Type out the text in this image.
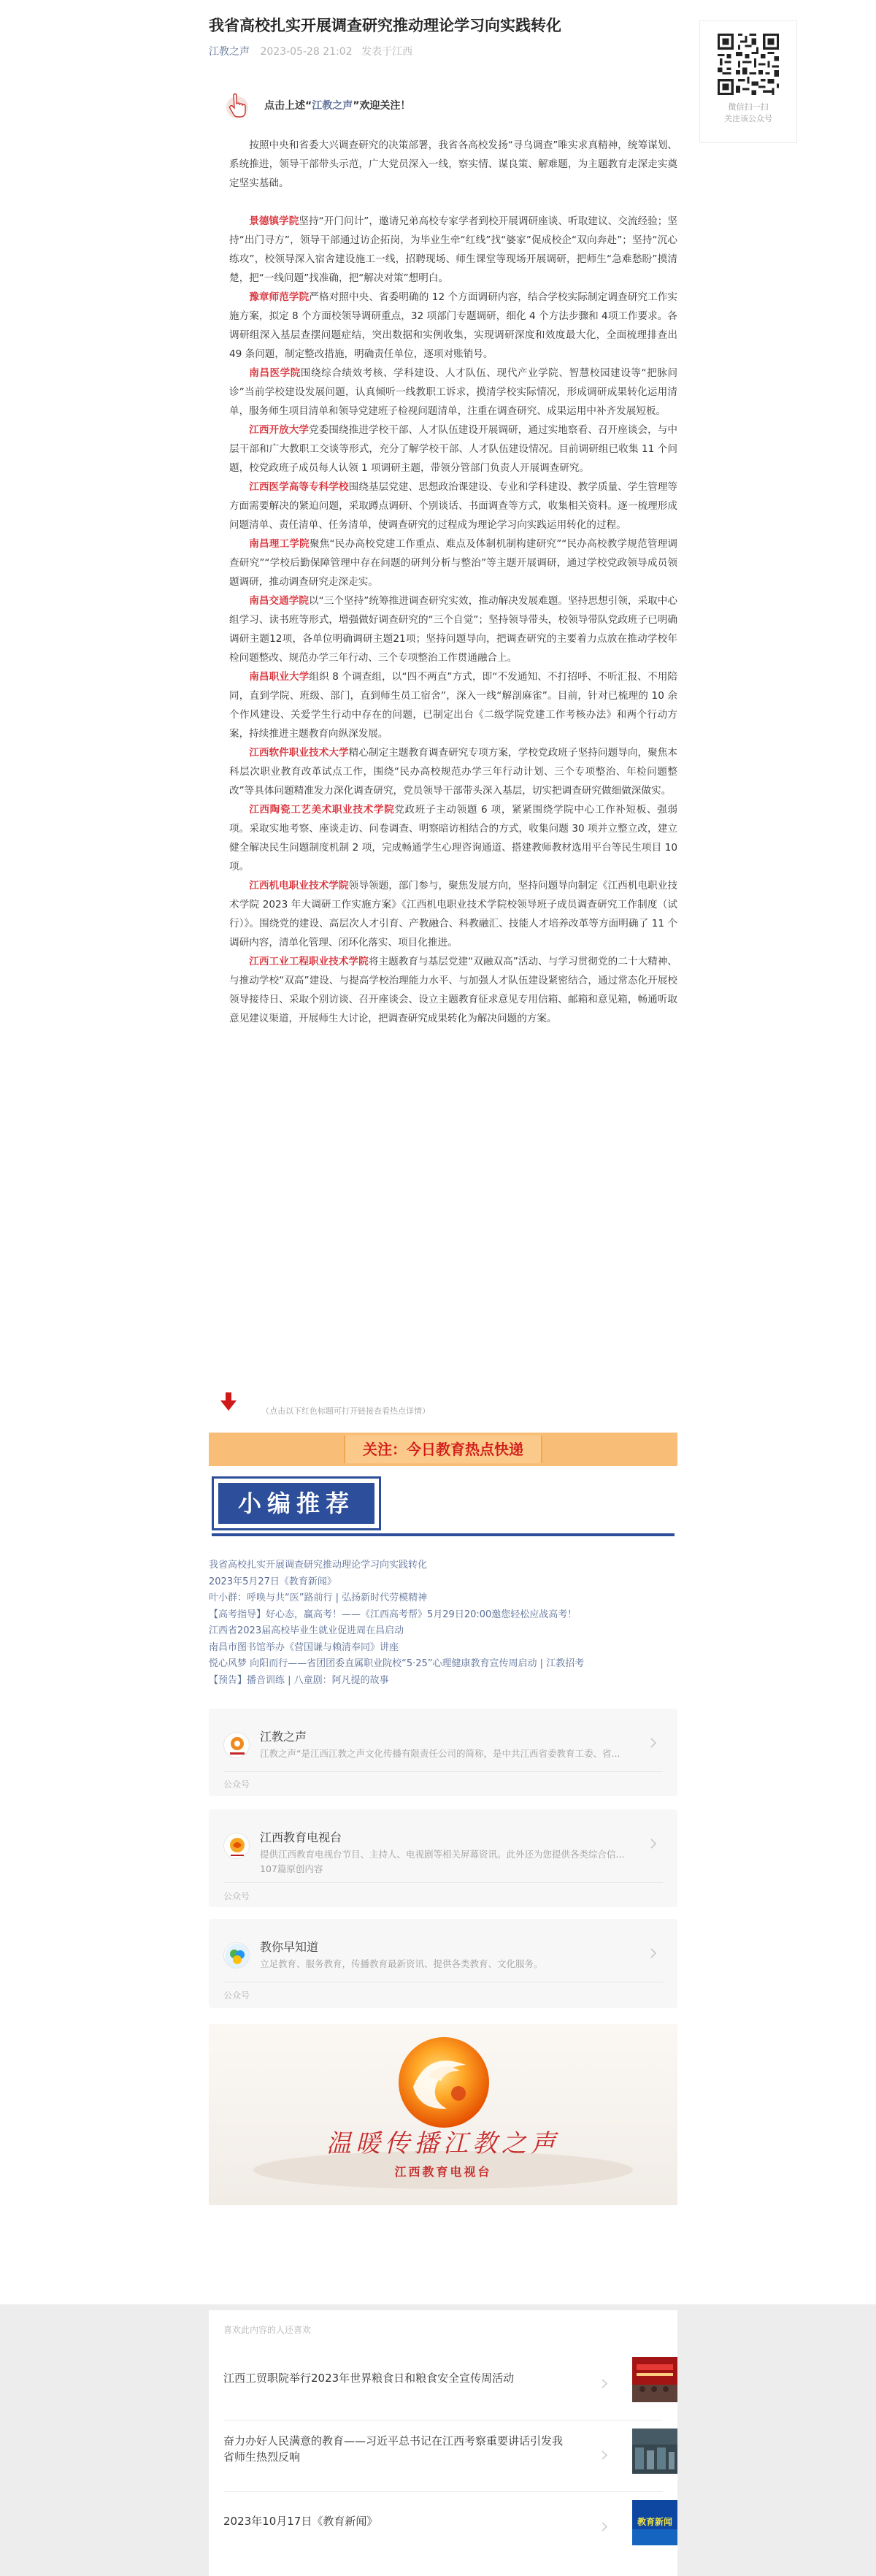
我省高校扎实开展调查研究推动理论学习向实践转化
江教之声 2023-05-28 21:02 发表于江西
微信扫一扫
关注该公众号
点击上述“ 江教之声 ”欢迎关注！

按照中央和省委大兴调查研究的决策部署，我省各高校发扬“寻乌调查”唯实求真精神，统筹谋划、系统推进，领导干部带头示范，广大党员深入一线，察实情、谋良策、解难题，为主题教育走深走实奠定坚实基础。

景德镇学院坚持“开门问计”，邀请兄弟高校专家学者到校开展调研座谈、听取建议、交流经验；坚持“出门寻方”，领导干部通过访企拓岗，为毕业生牵“红线”找“婆家”促成校企“双向奔赴”；坚持“沉心练攻”，校领导深入宿舍建设施工一线，招聘现场、师生课堂等现场开展调研，把师生“急难愁盼”摸清楚，把“一线问题”找准确，把“解决对策”想明白。

豫章师范学院严格对照中央、省委明确的 12 个方面调研内容，结合学校实际制定调查研究工作实施方案，拟定 8 个方面校领导调研重点，32 项部门专题调研，细化 4 个方法步骤和 4项工作要求。各调研组深入基层查摆问题症结，突出数据和实例收集，实现调研深度和效度最大化，全面梳理排查出 49 条问题，制定整改措施，明确责任单位，逐项对账销号。

南昌医学院围绕综合绩效考核、学科建设、人才队伍、现代产业学院、智慧校园建设等“把脉问诊”当前学校建设发展问题，认真倾听一线教职工诉求，摸清学校实际情况，形成调研成果转化运用清单，服务师生项目清单和领导党建班子检视问题清单，注重在调查研究、成果运用中补齐发展短板。

江西开放大学党委围绕推进学校干部、人才队伍建设开展调研，通过实地察看、召开座谈会，与中层干部和广大教职工交谈等形式，充分了解学校干部、人才队伍建设情况。目前调研组已收集 11 个问题，校党政班子成员每人认领 1 项调研主题，带领分管部门负责人开展调查研究。

江西医学高等专科学校围绕基层党建、思想政治课建设、专业和学科建设、教学质量、学生管理等方面需要解决的紧迫问题，采取蹲点调研、个别谈话、书面调查等方式，收集相关资料。逐一梳理形成问题清单、责任清单、任务清单，使调查研究的过程成为理论学习向实践运用转化的过程。

南昌理工学院聚焦“民办高校党建工作重点、难点及体制机制构建研究”“民办高校教学规范管理调查研究”“学校后勤保障管理中存在问题的研判分析与整治”等主题开展调研，通过学校党政领导成员领题调研，推动调查研究走深走实。

南昌交通学院以“三个坚持”统筹推进调查研究实效，推动解决发展难题。坚持思想引领，采取中心组学习、读书班等形式，增强做好调查研究的“三个自觉”；坚持领导带头，校领导带队党政班子已明确调研主题12项，各单位明确调研主题21项；坚持问题导向，把调查研究的主要着力点放在推动学校年检问题整改、规范办学三年行动、三个专项整治工作贯通融合上。

南昌职业大学组织 8 个调查组，以“四不两直”方式，即“不发通知、不打招呼、不听汇报、不用陪同，直到学院、班级、部门，直到师生员工宿舍”，深入一线“解剖麻雀”。目前，针对已梳理的 10 余个作风建设、关爱学生行动中存在的问题，已制定出台《二级学院党建工作考核办法》和两个行动方案，持续推进主题教育向纵深发展。

江西软件职业技术大学精心制定主题教育调查研究专项方案，学校党政班子坚持问题导向，聚焦本科层次职业教育改革试点工作，围绕“民办高校规范办学三年行动计划、三个专项整治、年检问题整改”等具体问题精准发力深化调查研究，党员领导干部带头深入基层，切实把调查研究做细做深做实。

江西陶瓷工艺美术职业技术学院党政班子主动领题 6 项，紧紧围绕学院中心工作补短板、强弱项。采取实地考察、座谈走访、问卷调查、明察暗访相结合的方式，收集问题 30 项并立整立改，建立健全解决民生问题制度机制 2 项，完成畅通学生心理咨询通道、搭建教师教材选用平台等民生项目 10 项。

江西机电职业技术学院领导领题，部门参与，聚焦发展方向，坚持问题导向制定《江西机电职业技术学院 2023 年大调研工作实施方案》《江西机电职业技术学院校领导班子成员调查研究工作制度（试行）》。围绕党的建设、高层次人才引育、产教融合、科教融汇、技能人才培养改革等方面明确了 11 个调研内容，清单化管理、闭环化落实、项目化推进。

江西工业工程职业技术学院将主题教育与基层党建“双融双高”活动、与学习贯彻党的二十大精神、与推动学校“双高”建设、与提高学校治理能力水平、与加强人才队伍建设紧密结合，通过常态化开展校领导接待日、采取个别访谈、召开座谈会、设立主题教育征求意见专用信箱、邮箱和意见箱，畅通听取意见建议渠道，开展师生大讨论，把调查研究成果转化为解决问题的方案。

（点击以下红色标题可打开链接查看热点详情）
关注：今日教育热点快递
小编推荐
我省高校扎实开展调查研究推动理论学习向实践转化
2023年5月27日《教育新闻》
叶小群：呼唤与共“医”路前行 | 弘扬新时代劳模精神
【高考指导】好心态，赢高考！——《江西高考帮》5月29日20:00邀您轻松应战高考！
江西省2023届高校毕业生就业促进周在昌启动
南昌市图书馆举办《营国谦与赖清奉同》讲座
悦心风梦 向阳而行——省团团委直属职业院校“5·25”心理健康教育宣传周启动 | 江教招考
【预告】播音训练 | 八童剧：阿凡提的故事
江教之声
江教之声“是江西江教之声文化传播有限责任公司的简称，是中共江西省委教育工委、省...
公众号
江西教育电视台
提供江西教育电视台节目、主持人、电视剧等相关屏幕资讯。此外还为您提供各类综合信...
107篇原创内容
公众号
教你早知道
立足教育、服务教育，传播教育最新资讯、提供各类教育、文化服务。
公众号
温暖传播江教之声
江西教育电视台
喜欢此内容的人还喜欢
江西工贸职院举行2023年世界粮食日和粮食安全宣传周活动
奋力办好人民满意的教育——习近平总书记在江西考察重要讲话引发我省师生热烈反响
2023年10月17日《教育新闻》	教育新闻
